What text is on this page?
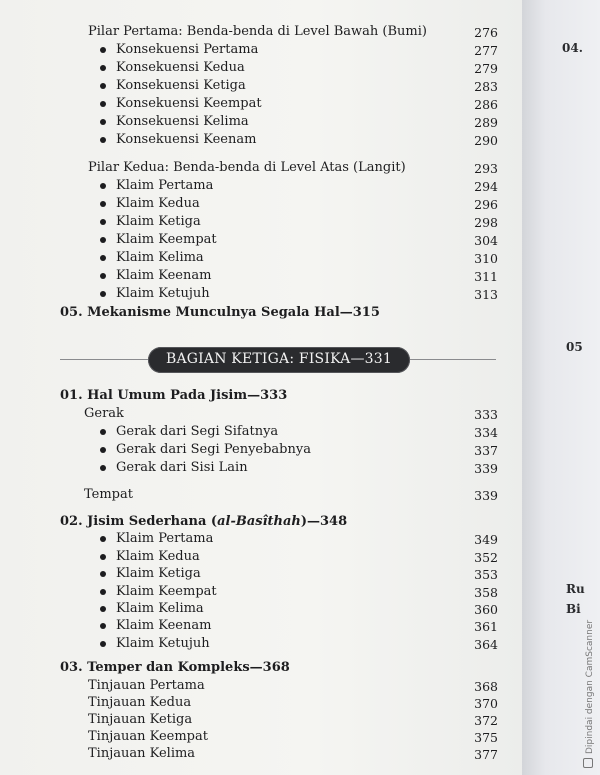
Pilar Pertama: Benda-benda di Level Bawah (Bumi)	276
Konsekuensi Pertama	277
Konsekuensi Kedua	279
Konsekuensi Ketiga	283
Konsekuensi Keempat	286
Konsekuensi Kelima	289
Konsekuensi Keenam	290
Pilar Kedua: Benda-benda di Level Atas (Langit)	293
Klaim Pertama	294
Klaim Kedua	296
Klaim Ketiga	298
Klaim Keempat	304
Klaim Kelima	310
Klaim Keenam	311
Klaim Ketujuh	313
05. Mekanisme Munculnya Segala Hal—315
BAGIAN KETIGA: FISIKA—331
01. Hal Umum Pada Jisim—333
Gerak	333
Gerak dari Segi Sifatnya	334
Gerak dari Segi Penyebabnya	337
Gerak dari Sisi Lain	339
Tempat	339
02. Jisim Sederhana (al-Basîthah)—348
Klaim Pertama	349
Klaim Kedua	352
Klaim Ketiga	353
Klaim Keempat	358
Klaim Kelima	360
Klaim Keenam	361
Klaim Ketujuh	364
03. Temper dan Kompleks—368
Tinjauan Pertama	368
Tinjauan Kedua	370
Tinjauan Ketiga	372
Tinjauan Keempat	375
Tinjauan Kelima	377
04.
05
Ru
Bi
Dipindai dengan CamScanner
